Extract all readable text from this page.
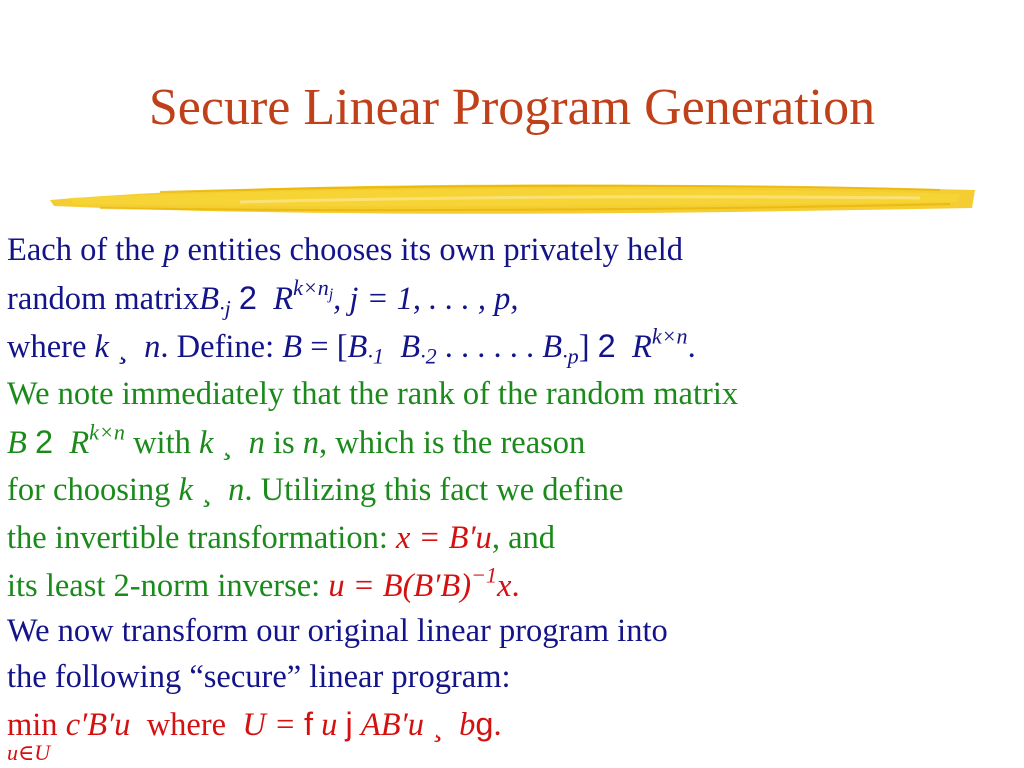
Secure Linear Program Generation
Each of the p entities chooses its own privately held
random matrixB$_{\cdot j}$ 2 $R^{k\times nj}$, j = 1, . . . , p,
where k ¸ n. Define: $B = [B_{\cdot 1}$ $B_{\cdot 2}$ . . . . . . $B_{\cdot p}$] 2 $R^{k\times n}$.
We note immediately that the rank of the random matrix
B 2 $R^{k\times n}$ with k ¸ n is n, which is the reason
for choosing k ¸ n. Utilizing this fact we define
the invertible transformation: x = B′u, and
its least 2-norm inverse: $u = B(B'B)^{-1}x$.
We now transform our original linear program into
the following “secure” linear program:
min c′B′u where U = f u j AB′u ¸ bg.
u∈U
